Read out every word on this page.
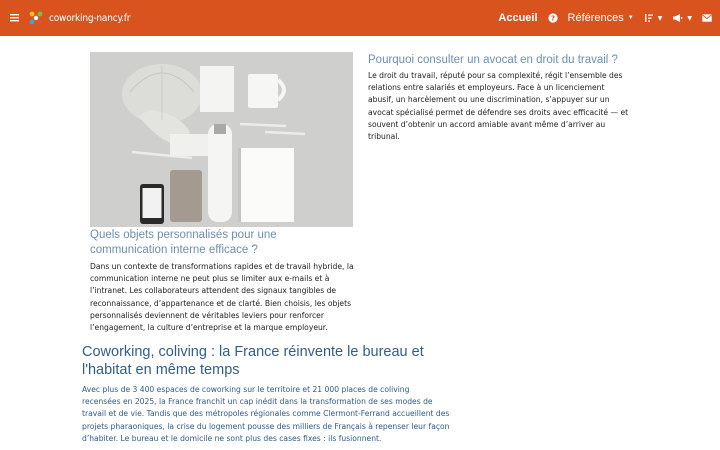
coworking-nancy.fr	Accueil ? Références ▼	▼	▼
Quels objets personnalisés pour une communication interne efficace ?
Dans un contexte de transformations rapides et de travail hybride, la communication interne ne peut plus se limiter aux e-mails et à l’intranet. Les collaborateurs attendent des signaux tangibles de reconnaissance, d’appartenance et de clarté. Bien choisis, les objets personnalisés deviennent de véritables leviers pour renforcer l’engagement, la culture d’entreprise et la marque employeur.
Pourquoi consulter un avocat en droit du travail ?
Le droit du travail, réputé pour sa complexité, régit l’ensemble des relations entre salariés et employeurs. Face à un licenciement abusif, un harcèlement ou une discrimination, s’appuyer sur un avocat spécialisé permet de défendre ses droits avec efficacité — et souvent d’obtenir un accord amiable avant même d’arriver au tribunal.
Coworking, coliving : la France réinvente le bureau et l'habitat en même temps
Avec plus de 3 400 espaces de coworking sur le territoire et 21 000 places de coliving recensées en 2025, la France franchit un cap inédit dans la transformation de ses modes de travail et de vie. Tandis que des métropoles régionales comme Clermont-Ferrand accueillent des projets pharaoniques, la crise du logement pousse des milliers de Français à repenser leur façon d’habiter. Le bureau et le domicile ne sont plus des cases fixes : ils fusionnent.
